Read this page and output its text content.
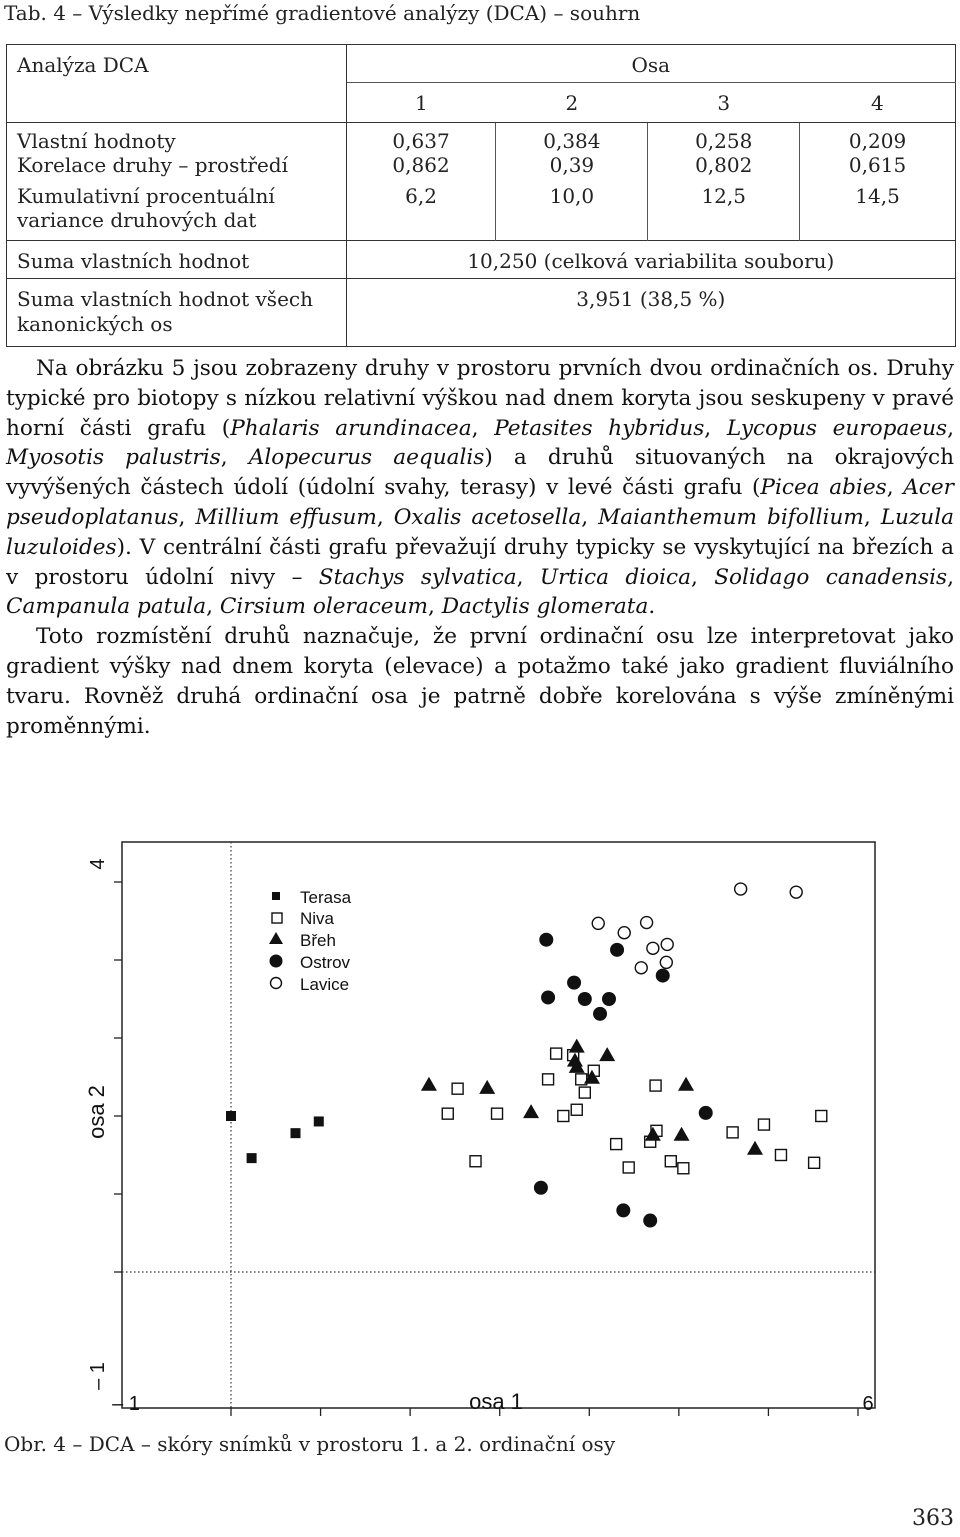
Tab. 4 – Výsledky nepřímé gradientové analýzy (DCA) – souhrn
Analýza DCA	Osa			
	1	2	3	4
Vlastní hodnoty	0,637	0,384	0,258	0,209
Korelace druhy – prostředí	0,862	0,39	0,802	0,615
Kumulativní procentuální variance druhových dat	6,2	10,0	12,5	14,5
Suma vlastních hodnot	10,250 (celková variabilita souboru)			
Suma vlastních hodnot všech kanonických os	3,951 (38,5 %)			

Na obrázku 5 jsou zobrazeny druhy v prostoru prvních dvou ordinačních os. Druhy typické pro biotopy s nízkou relativní výškou nad dnem koryta jsou seskupeny v pravé horní části grafu (Phalaris arundinacea, Petasites hybridus, Lycopus europaeus, Myosotis palustris, Alopecurus aequalis) a druhů situovaných na okrajových vyvýšených částech údolí (údolní svahy, terasy) v levé části grafu (Picea abies, Acer pseudoplatanus, Millium effusum, Oxalis acetosella, Maianthemum bifollium, Luzula luzuloides). V centrální části grafu převažují druhy typicky se vyskytující na březích a v prostoru údolní nivy – Stachys sylvatica, Urtica dioica, Solidago canadensis, Campanula patula, Cirsium oleraceum, Dactylis glomerata.

Toto rozmístění druhů naznačuje, že první ordinační osu lze interpretovat jako gradient výšky nad dnem koryta (elevace) a potažmo také jako gradient fluviálního tvaru. Rovněž druhá ordinační osa je patrně dobře korelována s výše zmíněnými proměnnými.

4
– 1
osa 2
– 1	6
osa 1
Terasa
Niva
Břeh
Ostrov
Lavice
Obr. 4 – DCA – skóry snímků v prostoru 1. a 2. ordinační osy
363
